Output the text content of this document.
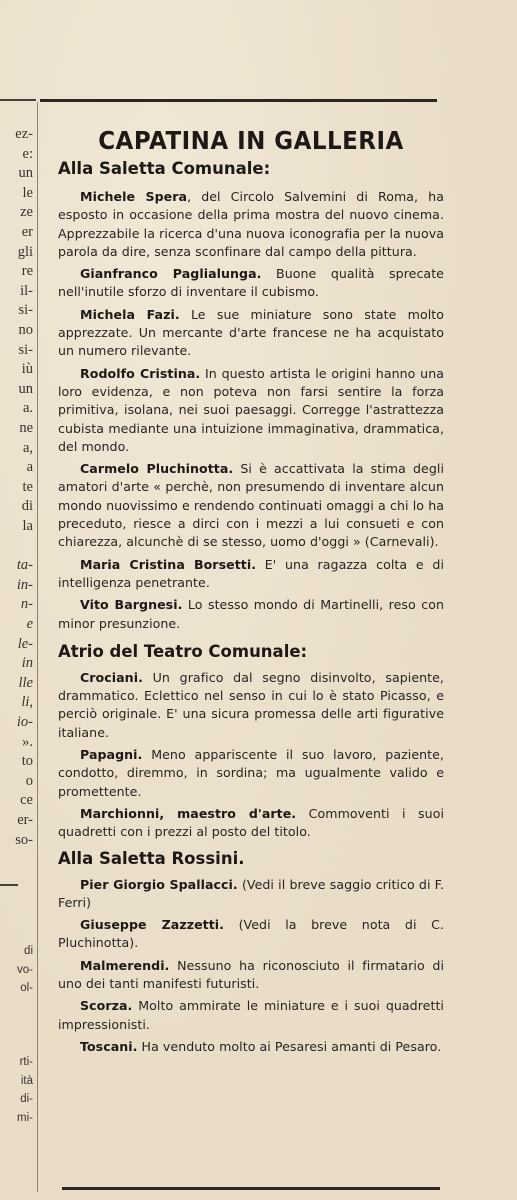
ez-
e:
un
le
ze
er
gli
re
il-
si-
no
si-
iù
un
a.
ne
a,
a
te
di
la
ta-
in-
n-
e
le-
in
lle
li,
io-
».
to
o
ce
er-
so-
di
vo-
ol-
rti-
ità
di-
mi-
CAPATINA IN GALLERIA
Alla Saletta Comunale:

Michele Spera, del Circolo Salvemini di Roma, ha esposto in occasione della prima mostra del nuovo cinema. Apprezzabile la ricerca d'una nuova iconografia per la nuova parola da dire, senza sconfinare dal campo della pittura.

Gianfranco Paglialunga. Buone qualità sprecate nell'inutile sforzo di inventare il cubismo.

Michela Fazi. Le sue miniature sono state molto apprezzate. Un mercante d'arte francese ne ha acquistato un numero rilevante.

Rodolfo Cristina. In questo artista le origini hanno una loro evidenza, e non poteva non farsi sentire la forza primitiva, isolana, nei suoi paesaggi. Corregge l'astrattezza cubista mediante una intuizione immaginativa, drammatica, del mondo.

Carmelo Pluchinotta. Si è accattivata la stima degli amatori d'arte « perchè, non presumendo di inventare alcun mondo nuovissimo e rendendo continuati omaggi a chi lo ha preceduto, riesce a dirci con i mezzi a lui consueti e con chiarezza, alcunchè di se stesso, uomo d'oggi » (Carnevali).

Maria Cristina Borsetti. E' una ragazza colta e di intelligenza penetrante.

Vito Bargnesi. Lo stesso mondo di Martinelli, reso con minor presunzione.

Atrio del Teatro Comunale:

Crociani. Un grafico dal segno disinvolto, sapiente, drammatico. Eclettico nel senso in cui lo è stato Picasso, e perciò originale. E' una sicura promessa delle arti figurative italiane.

Papagni. Meno appariscente il suo lavoro, paziente, condotto, diremmo, in sordina; ma ugualmente valido e promettente.

Marchionni, maestro d'arte. Commoventi i suoi quadretti con i prezzi al posto del titolo.

Alla Saletta Rossini.

Pier Giorgio Spallacci. (Vedi il breve saggio critico di F. Ferri)

Giuseppe Zazzetti. (Vedi la breve nota di C. Pluchinotta).

Malmerendi. Nessuno ha riconosciuto il firmatario di uno dei tanti manifesti futuristi.

Scorza. Molto ammirate le miniature e i suoi quadretti impressionisti.

Toscani. Ha venduto molto ai Pesaresi amanti di Pesaro.
